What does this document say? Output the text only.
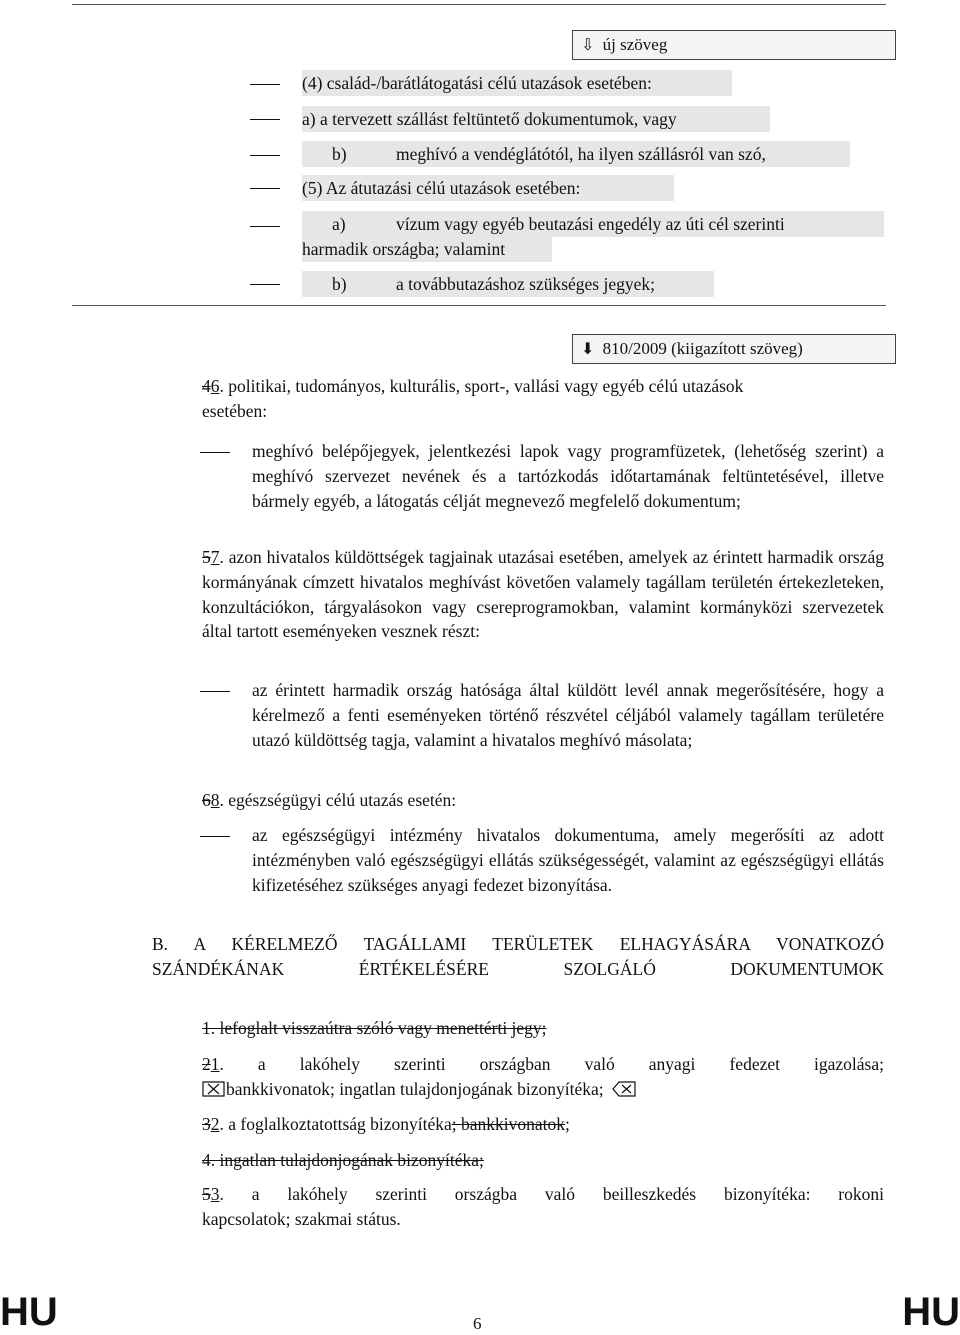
⇩ új szöveg
(4) család-/barátlátogatási célú utazások esetében:
a) a tervezett szállást feltüntető dokumentumok, vagy
b)	meghívó a vendéglátótól, ha ilyen szállásról van szó,
(5) Az átutazási célú utazások esetében:
a)	vízum vagy egyéb beutazási engedély az úti cél szerinti
harmadik országba; valamint
b)	a továbbutazáshoz szükséges jegyek;
⬇ 810/2009 (kiigazított szöveg)
46. politikai, tudományos, kulturális, sport-, vallási vagy egyéb célú utazások
esetében:
meghívó belépőjegyek, jelentkezési lapok vagy programfüzetek, (lehetőség szerint) a meghívó szervezet nevének és a tartózkodás időtartamának feltüntetésével, illetve bármely egyéb, a látogatás célját megnevező megfelelő dokumentum;
57. azon hivatalos küldöttségek tagjainak utazásai esetében, amelyek az érintett harmadik ország kormányának címzett hivatalos meghívást követően valamely tagállam területén értekezleteken, konzultációkon, tárgyalásokon vagy csereprogramokban, valamint kormányközi szervezetek által tartott eseményeken vesznek részt:
az érintett harmadik ország hatósága által küldött levél annak megerősítésére, hogy a kérelmező a fenti eseményeken történő részvétel céljából valamely tagállam területére utazó küldöttség tagja, valamint a hivatalos meghívó másolata;
68. egészségügyi célú utazás esetén:
az egészségügyi intézmény hivatalos dokumentuma, amely megerősíti az adott intézményben való egészségügyi ellátás szükségességét, valamint az egészségügyi ellátás kifizetéséhez szükséges anyagi fedezet bizonyítása.
B. A KÉRELMEZŐ TAGÁLLAMI TERÜLETEK ELHAGYÁSÁRA VONATKOZÓ SZÁNDÉKÁNAK ÉRTÉKELÉSÉRE SZOLGÁLÓ DOKUMENTUMOK
1. lefoglalt visszaútra szóló vagy menettérti jegy;
21. a lakóhely szerinti országban való anyagi fedezet igazolása;
bankkivonatok; ingatlan tulajdonjogának bizonyítéka;
32. a foglalkoztatottság bizonyítéka; bankkivonatok;
4. ingatlan tulajdonjogának bizonyítéka;
53. a lakóhely szerinti országba való beilleszkedés bizonyítéka: rokoni
kapcsolatok; szakmai státus.
HU	6	HU
